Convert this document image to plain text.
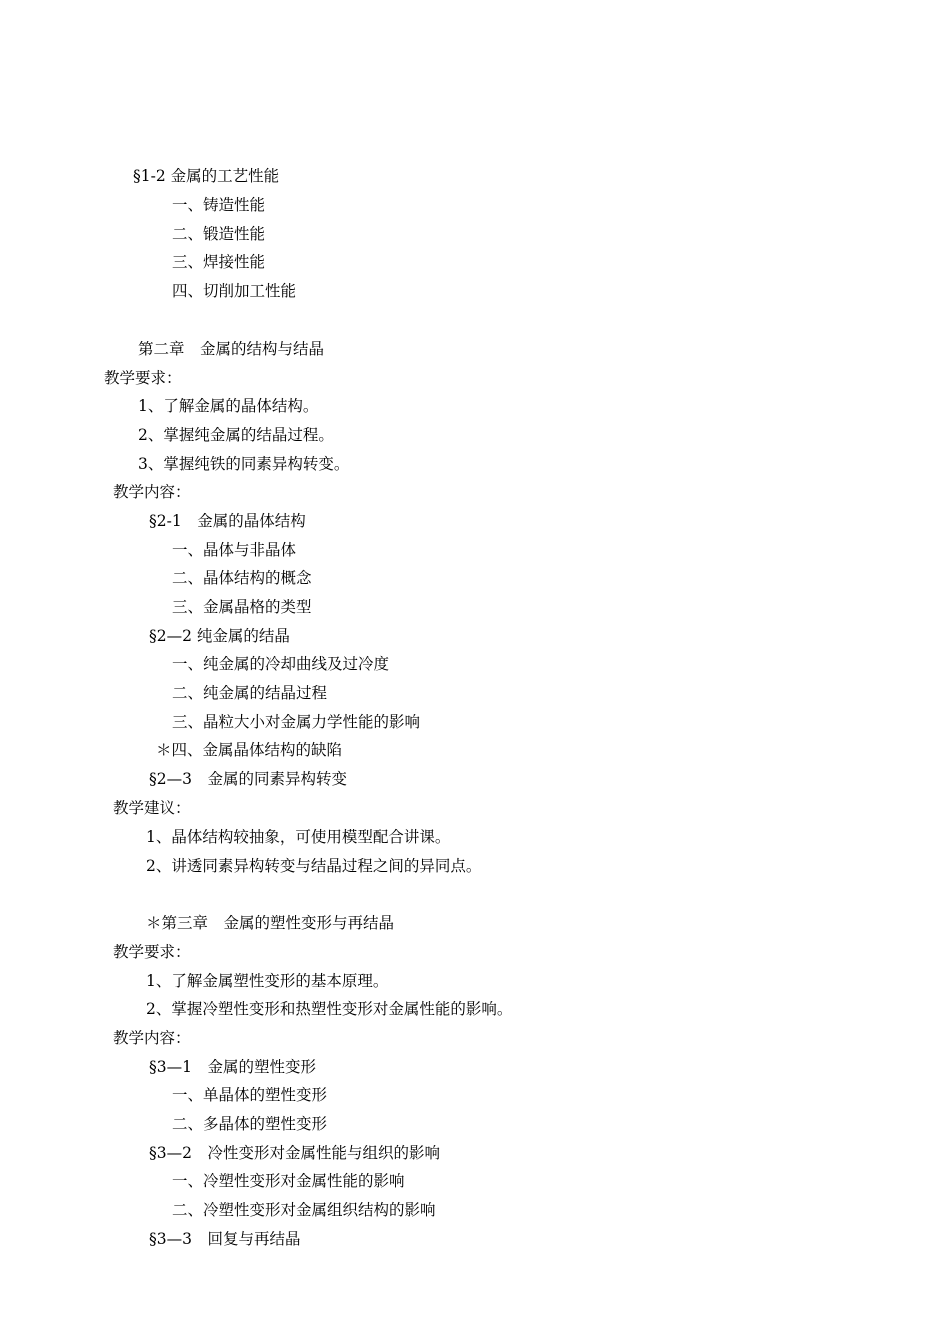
§1-2 金属的工艺性能
一、铸造性能
二、锻造性能
三、焊接性能
四、切削加工性能
第二章　金属的结构与结晶
教学要求：
1、了解金属的晶体结构。
2、掌握纯金属的结晶过程。
3、掌握纯铁的同素异构转变。
教学内容：
§2-1　金属的晶体结构
一、晶体与非晶体
二、晶体结构的概念
三、金属晶格的类型
§2—2 纯金属的结晶
一、纯金属的冷却曲线及过冷度
二、纯金属的结晶过程
三、晶粒大小对金属力学性能的影响
＊四、金属晶体结构的缺陷
§2—3　金属的同素异构转变
教学建议：
1、晶体结构较抽象，可使用模型配合讲课。
2、讲透同素异构转变与结晶过程之间的异同点。
＊第三章　金属的塑性变形与再结晶
教学要求：
1、了解金属塑性变形的基本原理。
2、掌握冷塑性变形和热塑性变形对金属性能的影响。
教学内容：
§3—1　金属的塑性变形
一、单晶体的塑性变形
二、多晶体的塑性变形
§3—2　冷性变形对金属性能与组织的影响
一、冷塑性变形对金属性能的影响
二、冷塑性变形对金属组织结构的影响
§3—3　回复与再结晶
